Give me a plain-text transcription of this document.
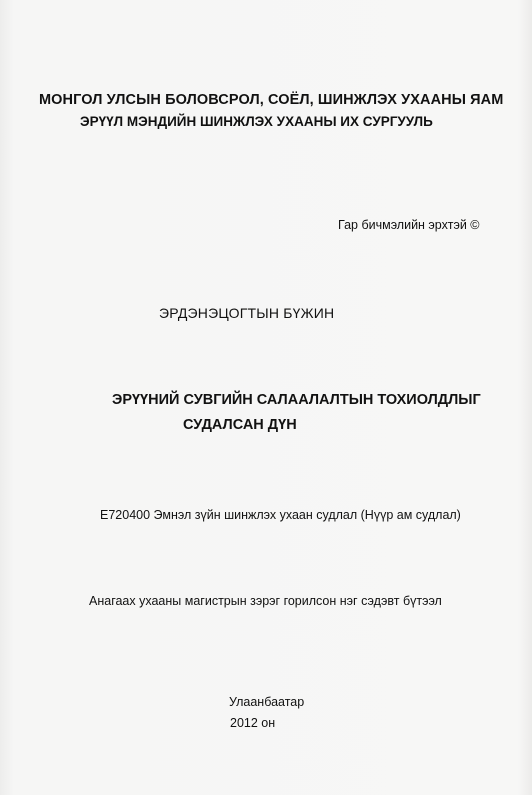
МОНГОЛ УЛСЫН БОЛОВСРОЛ, СОЁЛ, ШИНЖЛЭХ УХААНЫ ЯАМ
ЭРҮҮЛ МЭНДИЙН ШИНЖЛЭХ УХААНЫ ИХ СУРГУУЛЬ
Гар бичмэлийн эрхтэй ©
ЭРДЭНЭЦОГТЫН БҮЖИН
ЭРҮҮНИЙ СУВГИЙН САЛААЛАЛТЫН ТОХИОЛДЛЫГ
СУДАЛСАН ДҮН
Е720400 Эмнэл зүйн шинжлэх ухаан судлал (Нүүр ам судлал)
Анагаах ухааны магистрын зэрэг горилсон нэг сэдэвт бүтээл
Улаанбаатар
2012 он
